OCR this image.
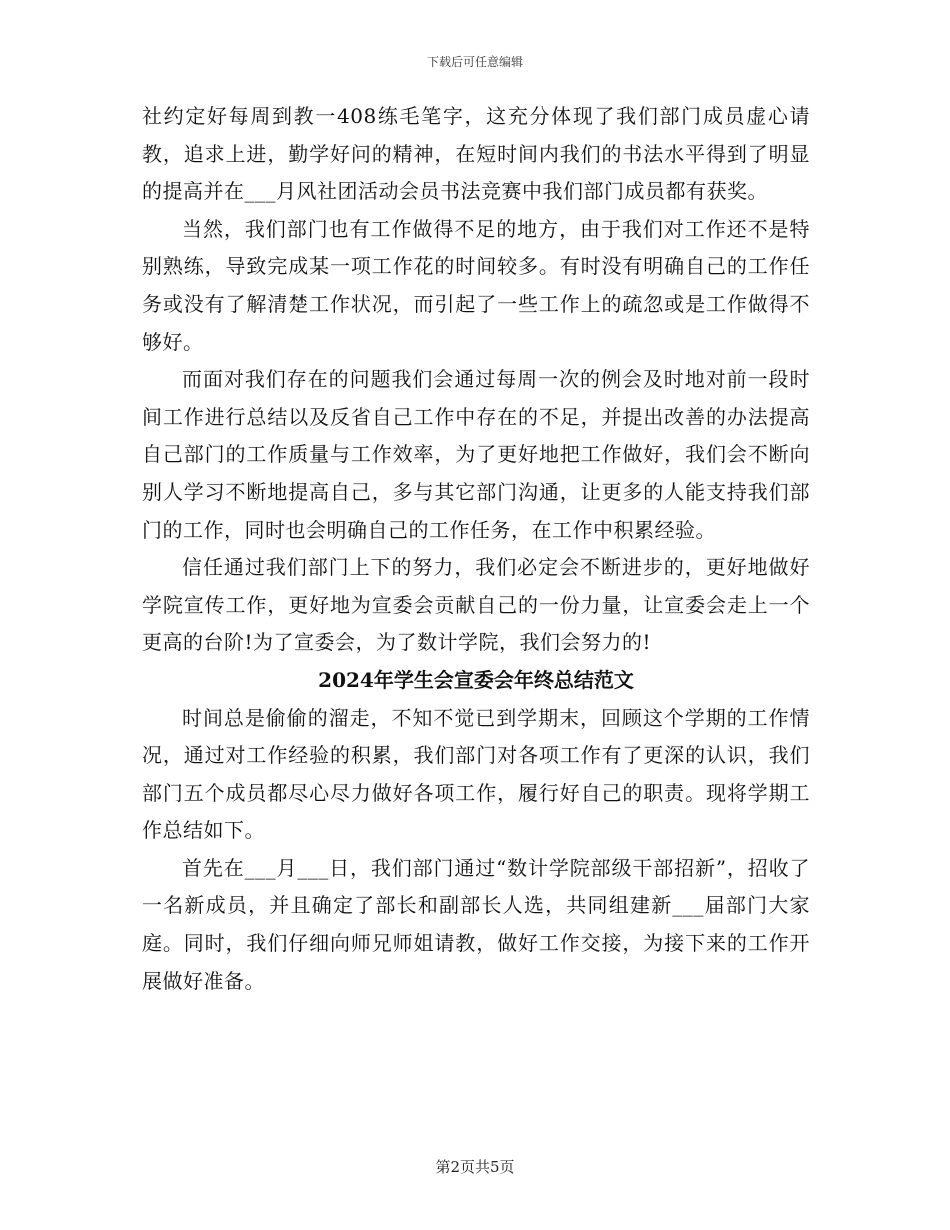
下载后可任意编辑

社约定好每周到教一408练毛笔字，这充分体现了我们部门成员虚心请教，追求上进，勤学好问的精神，在短时间内我们的书法水平得到了明显的提高并在___月风社团活动会员书法竞赛中我们部门成员都有获奖。

当然，我们部门也有工作做得不足的地方，由于我们对工作还不是特别熟练，导致完成某一项工作花的时间较多。有时没有明确自己的工作任务或没有了解清楚工作状况，而引起了一些工作上的疏忽或是工作做得不够好。

而面对我们存在的问题我们会通过每周一次的例会及时地对前一段时间工作进行总结以及反省自己工作中存在的不足，并提出改善的办法提高自己部门的工作质量与工作效率，为了更好地把工作做好，我们会不断向别人学习不断地提高自己，多与其它部门沟通，让更多的人能支持我们部门的工作，同时也会明确自己的工作任务，在工作中积累经验。

信任通过我们部门上下的努力，我们必定会不断进步的，更好地做好学院宣传工作，更好地为宣委会贡献自己的一份力量，让宣委会走上一个更高的台阶!为了宣委会，为了数计学院，我们会努力的!

2024年学生会宣委会年终总结范文

时间总是偷偷的溜走，不知不觉已到学期末，回顾这个学期的工作情况，通过对工作经验的积累，我们部门对各项工作有了更深的认识，我们部门五个成员都尽心尽力做好各项工作，履行好自己的职责。现将学期工作总结如下。

首先在___月___日，我们部门通过“数计学院部级干部招新”，招收了一名新成员，并且确定了部长和副部长人选，共同组建新___届部门大家庭。同时，我们仔细向师兄师姐请教，做好工作交接，为接下来的工作开展做好准备。

第2页共5页
